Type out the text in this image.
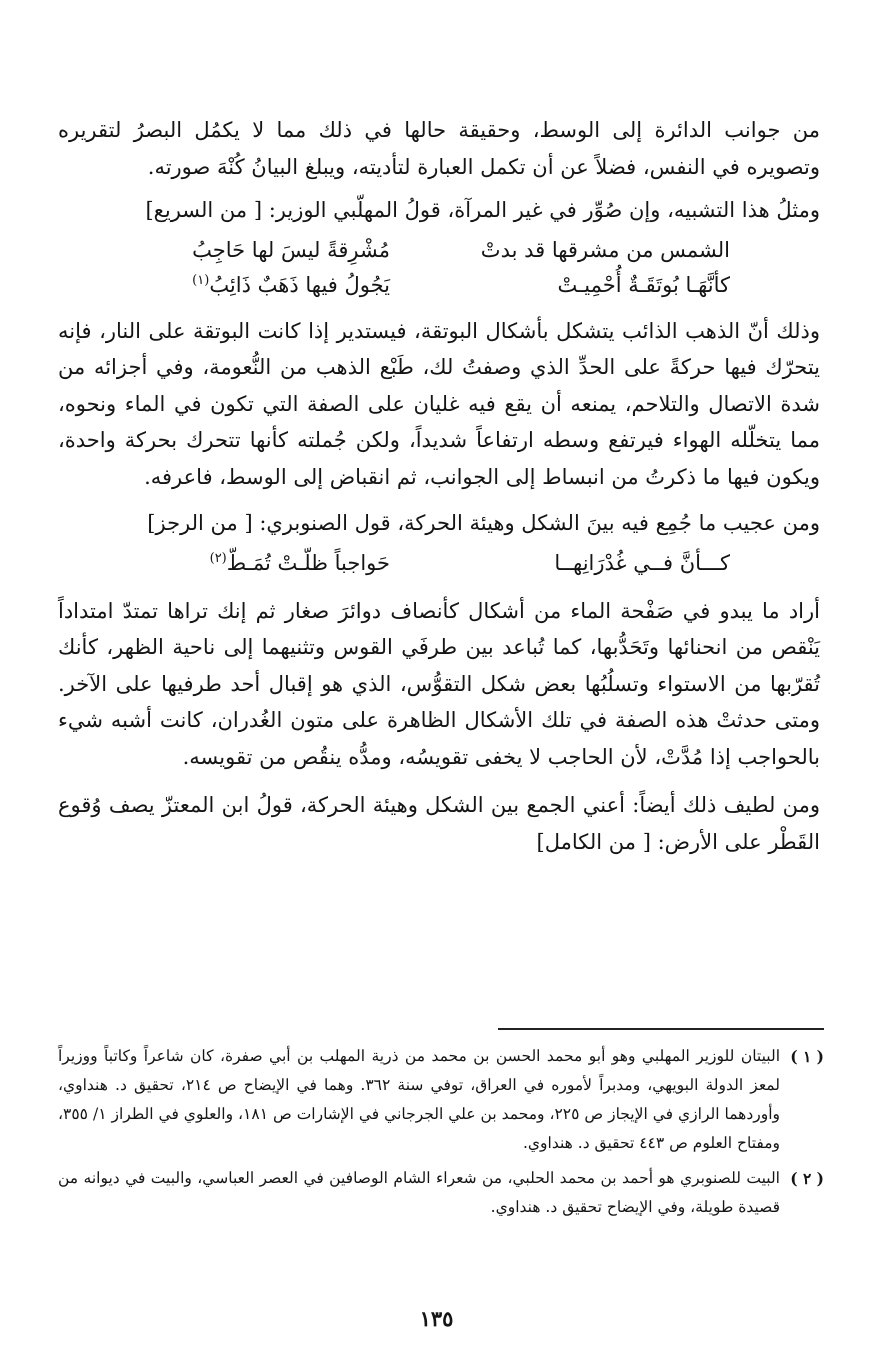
من جوانب الدائرة إلى الوسط، وحقيقة حالها في ذلك مما لا يكمُل البصرُ لتقريره وتصويره في النفس، فضلاً عن أن تكمل العبارة لتأديته، ويبلغ البيانُ كُنْهَ صورته.

ومثلُ هذا التشبيه، وإن صُوِّر في غير المرآة، قولُ المهلّبي الوزير: [ من السريع]

الشمس من مشرقها قد بدتْ
مُشْرِقةً ليسَ لها حَاجِبُ
كأنَّهَـا بُوتَقَـةٌ أُحْمِيـتْ
يَجُولُ فيها ذَهَبٌ ذَائِبُ$^{(١)}$

وذلك أنّ الذهب الذائب يتشكل بأشكال البوتقة، فيستدير إذا كانت البوتقة على النار، فإنه يتحرّك فيها حركةً على الحدِّ الذي وصفتُ لك، طَبْع الذهب من النُّعومة، وفي أجزائه من شدة الاتصال والتلاحم، يمنعه أن يقع فيه غليان على الصفة التي تكون في الماء ونحوه، مما يتخلّله الهواء فيرتفع وسطه ارتفاعاً شديداً، ولكن جُملته كأنها تتحرك بحركة واحدة، ويكون فيها ما ذكرتُ من انبساط إلى الجوانب، ثم انقباض إلى الوسط، فاعرفه.

ومن عجيب ما جُمِع فيه بينَ الشكل وهيئة الحركة، قول الصنوبري: [ من الرجز]

كـــأنَّ فــي غُدْرَانِهــا
حَواجباً ظلّـتْ تُمَـطّ$^{(٢)}$

أراد ما يبدو في صَفْحة الماء من أشكال كأنصاف دوائرَ صغار ثم إنك تراها تمتدّ امتداداً يَنْقص من انحنائها وتَحَدُّبها، كما تُباعد بين طرفَي القوس وتثنيهما إلى ناحية الظهر، كأنك تُقرّبها من الاستواء وتسلُبُها بعض شكل التقوُّس، الذي هو إقبال أحد طرفيها على الآخر. ومتى حدثتْ هذه الصفة في تلك الأشكال الظاهرة على متون الغُدران، كانت أشبه شيء بالحواجب إذا مُدَّتْ، لأن الحاجب لا يخفى تقويسُه، ومدُّه ينقُص من تقويسه.

ومن لطيف ذلك أيضاً: أعني الجمع بين الشكل وهيئة الحركة، قولُ ابن المعتزّ يصف وُقوع القَطْر على الأرض: [ من الكامل]

( ١ )
البيتان للوزير المهلبي وهو أبو محمد الحسن بن محمد من ذرية المهلب بن أبي صفرة، كان شاعراً وكاتباً ووزيراً لمعز الدولة البويهي، ومدبراً لأموره في العراق، توفي سنة ٣٦٢. وهما في الإيضاح ص ٢١٤، تحقيق د. هنداوي، وأوردهما الرازي في الإيجاز ص ٢٢٥، ومحمد بن علي الجرجاني في الإشارات ص ١٨١، والعلوي في الطراز ١/ ٣٥٥، ومفتاح العلوم ص ٤٤٣ تحقيق د. هنداوي.
( ٢ )
البيت للصنوبري هو أحمد بن محمد الحلبي، من شعراء الشام الوصافين في العصر العباسي، والبيت في ديوانه من قصيدة طويلة، وفي الإيضاح تحقيق د. هنداوي.
١٣٥
